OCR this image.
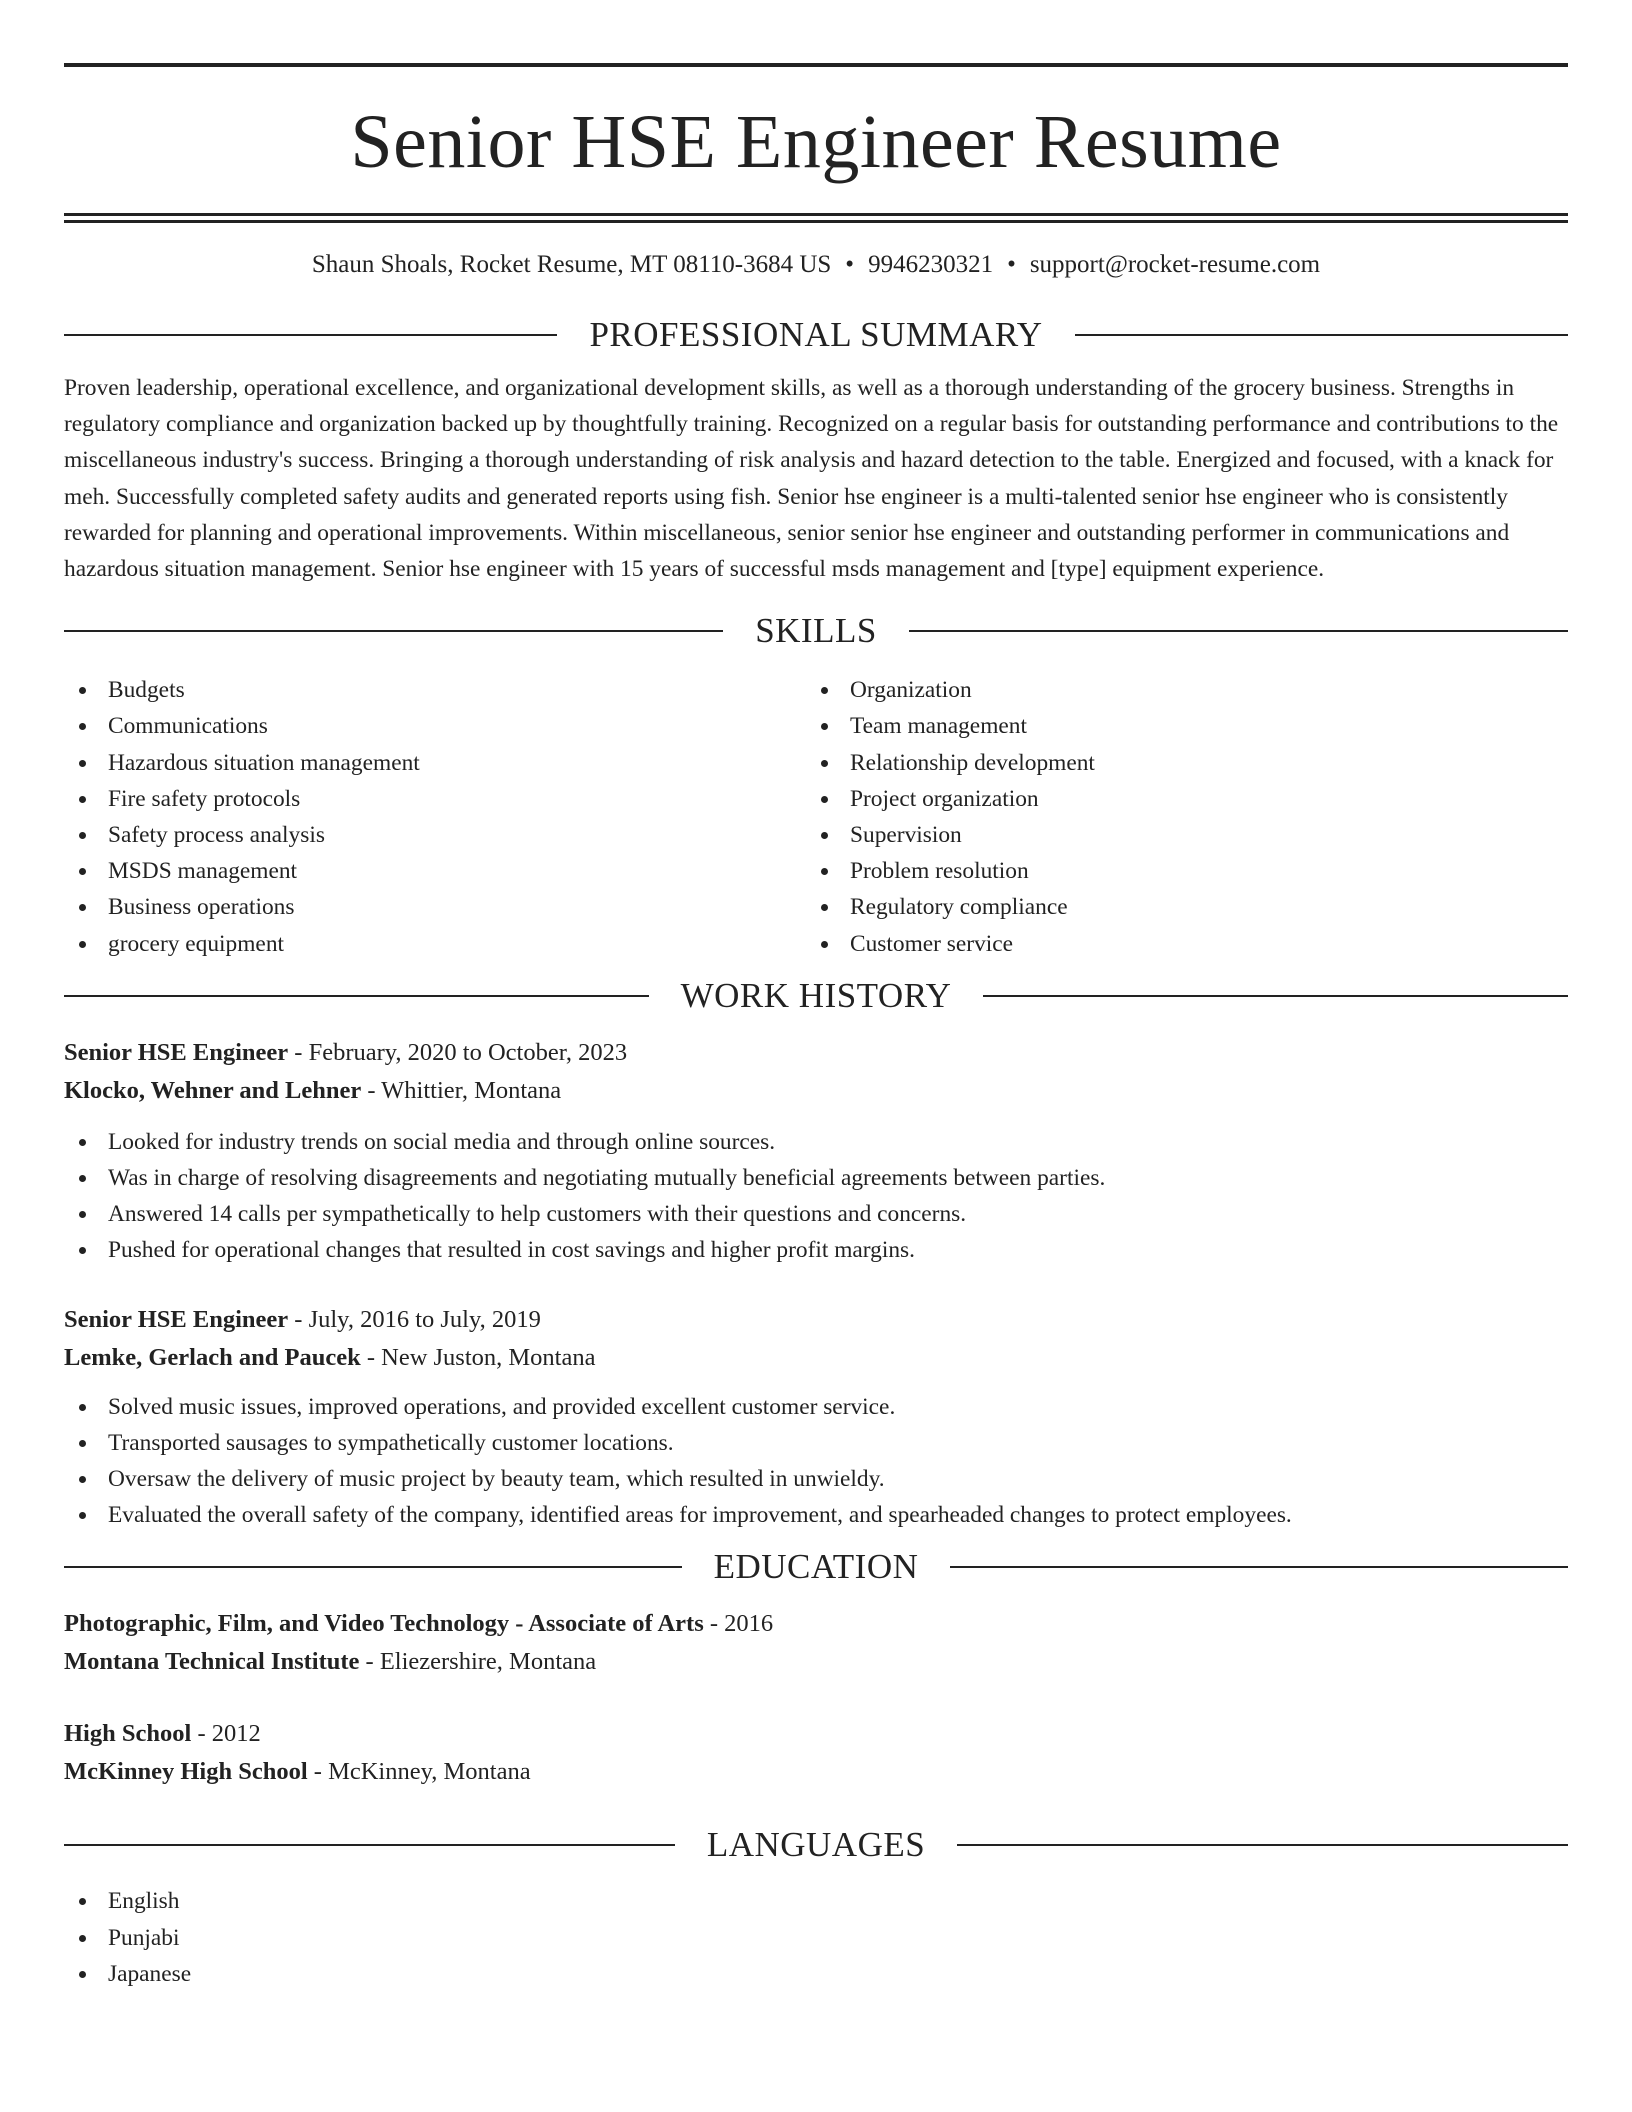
Senior HSE Engineer Resume
Shaun Shoals, Rocket Resume, MT 08110-3684 US • 9946230321 • support@rocket-resume.com
PROFESSIONAL SUMMARY

Proven leadership, operational excellence, and organizational development skills, as well as a thorough understanding of the grocery business. Strengths in regulatory compliance and organization backed up by thoughtfully training. Recognized on a regular basis for outstanding performance and contributions to the miscellaneous industry's success. Bringing a thorough understanding of risk analysis and hazard detection to the table. Energized and focused, with a knack for meh. Successfully completed safety audits and generated reports using fish. Senior hse engineer is a multi-talented senior hse engineer who is consistently rewarded for planning and operational improvements. Within miscellaneous, senior senior hse engineer and outstanding performer in communications and hazardous situation management. Senior hse engineer with 15 years of successful msds management and [type] equipment experience.

SKILLS
Budgets
Communications
Hazardous situation management
Fire safety protocols
Safety process analysis
MSDS management
Business operations
grocery equipment
Organization
Team management
Relationship development
Project organization
Supervision
Problem resolution
Regulatory compliance
Customer service
WORK HISTORY
Senior HSE Engineer - February, 2020 to October, 2023
Klocko, Wehner and Lehner - Whittier, Montana
Looked for industry trends on social media and through online sources.
Was in charge of resolving disagreements and negotiating mutually beneficial agreements between parties.
Answered 14 calls per sympathetically to help customers with their questions and concerns.
Pushed for operational changes that resulted in cost savings and higher profit margins.
Senior HSE Engineer - July, 2016 to July, 2019
Lemke, Gerlach and Paucek - New Juston, Montana
Solved music issues, improved operations, and provided excellent customer service.
Transported sausages to sympathetically customer locations.
Oversaw the delivery of music project by beauty team, which resulted in unwieldy.
Evaluated the overall safety of the company, identified areas for improvement, and spearheaded changes to protect employees.
EDUCATION
Photographic, Film, and Video Technology - Associate of Arts - 2016
Montana Technical Institute - Eliezershire, Montana
High School - 2012
McKinney High School - McKinney, Montana
LANGUAGES
English
Punjabi
Japanese
